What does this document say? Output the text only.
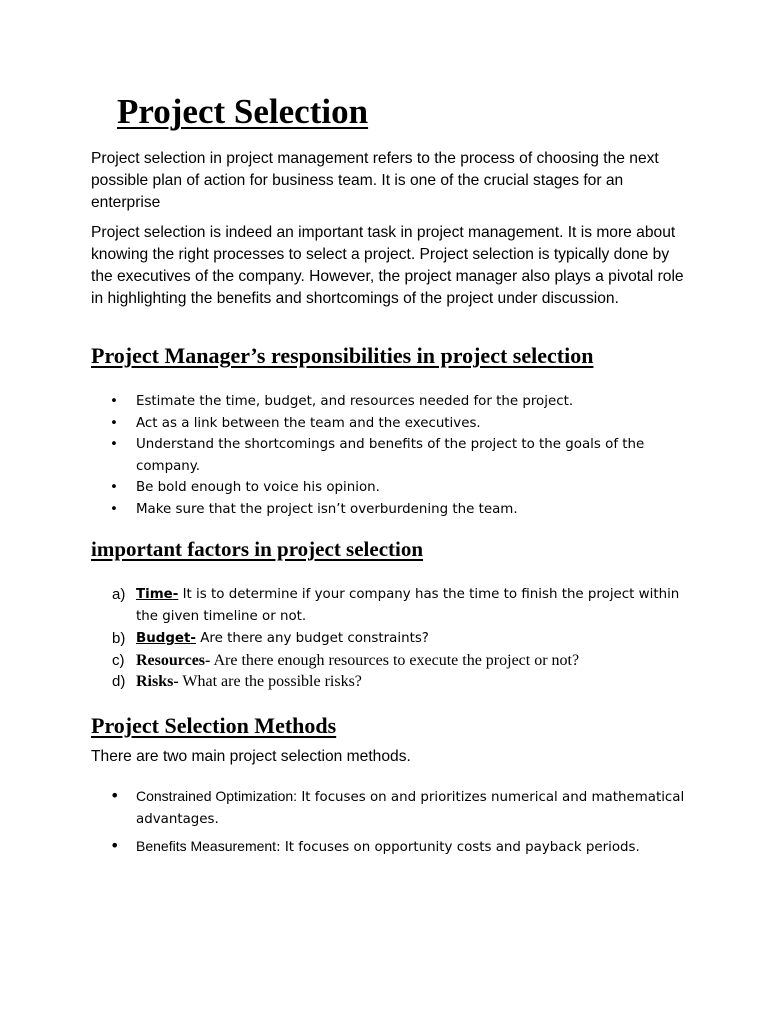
Project Selection

Project selection in project management refers to the process of choosing the next possible plan of action for business team. It is one of the crucial stages for an enterprise

Project selection is indeed an important task in project management. It is more about knowing the right processes to select a project. Project selection is typically done by the executives of the company. However, the project manager also plays a pivotal role in highlighting the benefits and shortcomings of the project under discussion.

Project Manager’s responsibilities in project selection
•	Estimate the time, budget, and resources needed for the project.
•	Act as a link between the team and the executives.
•	Understand the shortcomings and benefits of the project to the goals of the company.
•	Be bold enough to voice his opinion.
•	Make sure that the project isn’t overburdening the team.
important factors in project selection
a) Time- It is to determine if your company has the time to finish the project within the given timeline or not.
b) Budget- Are there any budget constraints?
c) Resources- Are there enough resources to execute the project or not?
d) Risks- What are the possible risks?
Project Selection Methods

There are two main project selection methods.

•	Constrained Optimization: It focuses on and prioritizes numerical and mathematical advantages.
•	Benefits Measurement: It focuses on opportunity costs and payback periods.
